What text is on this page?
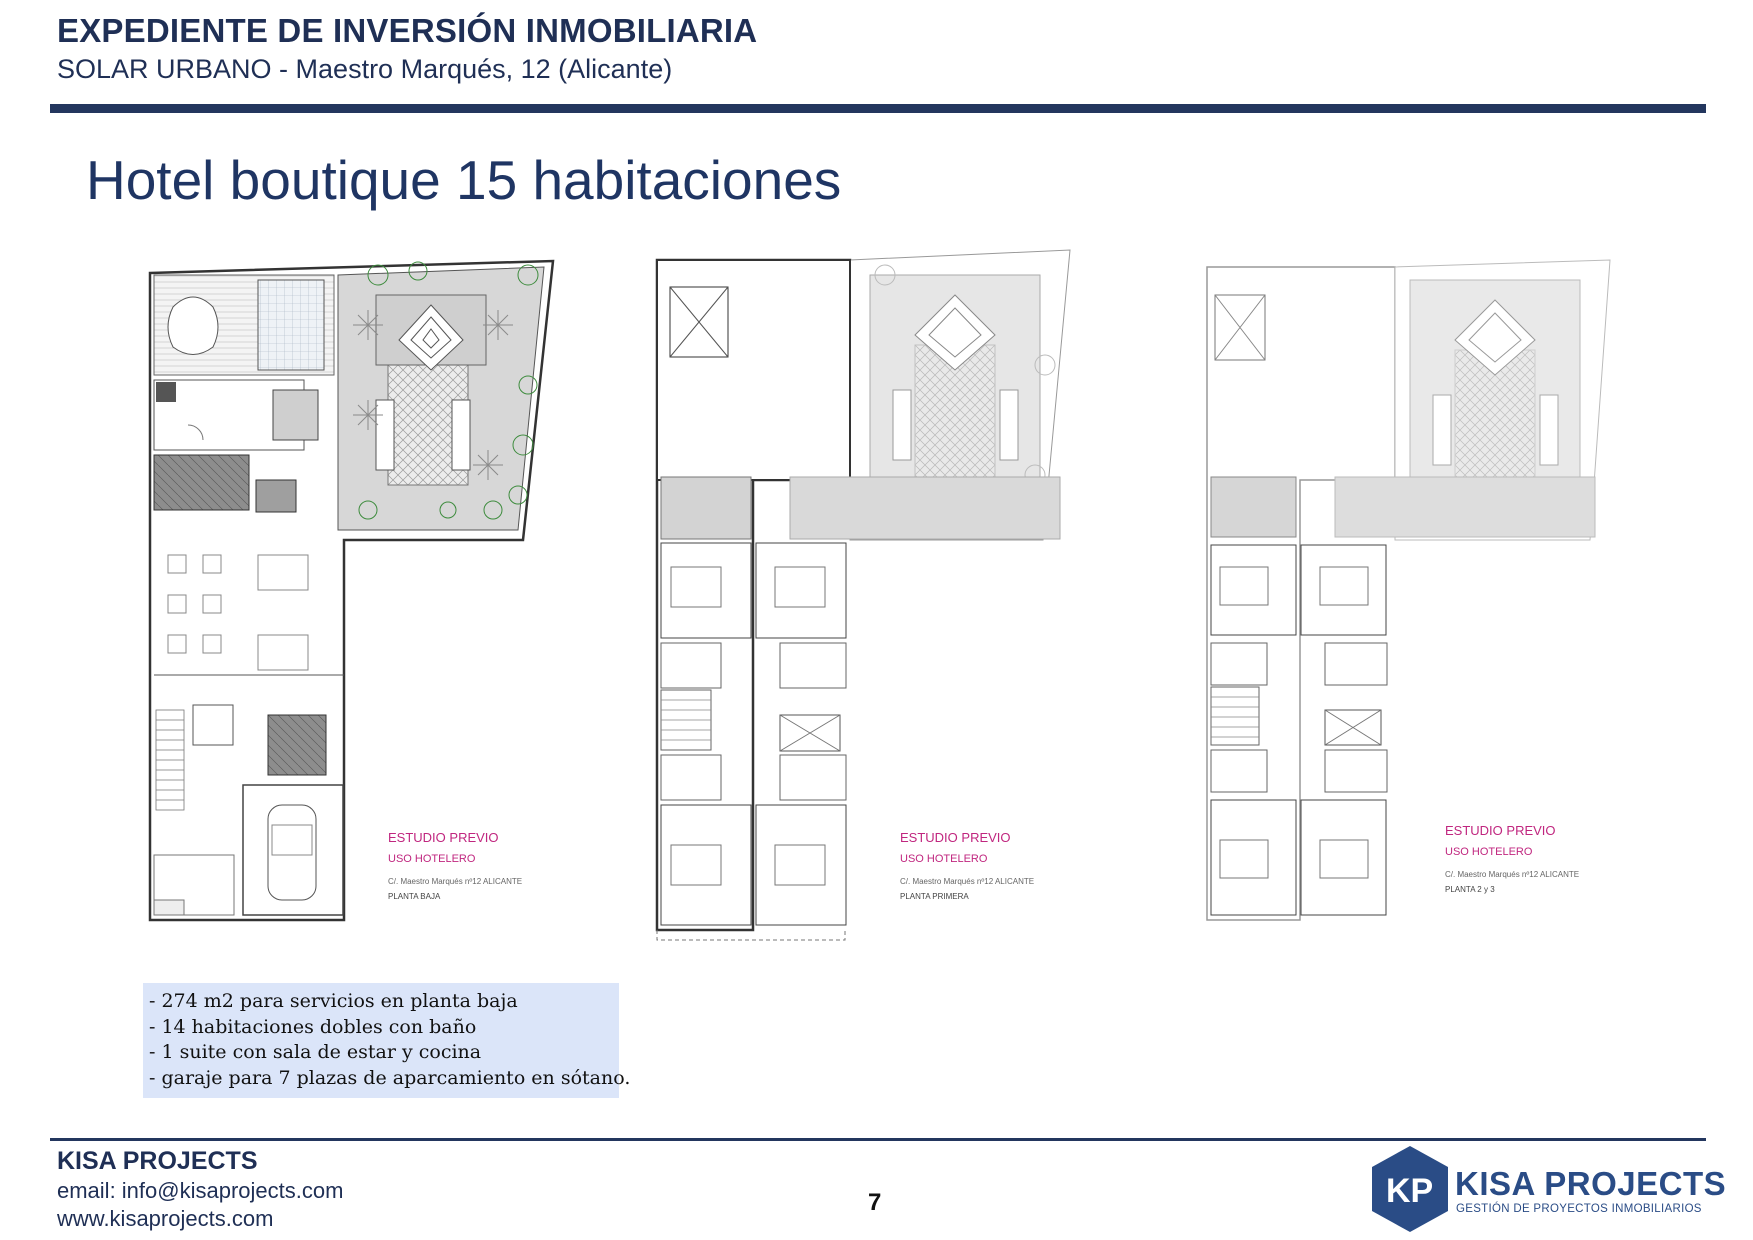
EXPEDIENTE DE INVERSIÓN INMOBILIARIA
SOLAR URBANO - Maestro Marqués, 12 (Alicante)
Hotel boutique 15 habitaciones
ESTUDIO PREVIO
USO HOTELERO
C/. Maestro Marqués nº12 ALICANTE
PLANTA BAJA
ESTUDIO PREVIO
USO HOTELERO
C/. Maestro Marqués nº12 ALICANTE
PLANTA PRIMERA
ESTUDIO PREVIO
USO HOTELERO
C/. Maestro Marqués nº12 ALICANTE
PLANTA 2 y 3
- 274 m2 para servicios en planta baja
- 14 habitaciones dobles con baño
- 1 suite con sala de estar y cocina
- garaje para 7 plazas de aparcamiento en sótano.
KISA PROJECTS
email: info@kisaprojects.com
www.kisaprojects.com
7	KP KISA PROJECTS
GESTIÓN DE PROYECTOS INMOBILIARIOS
